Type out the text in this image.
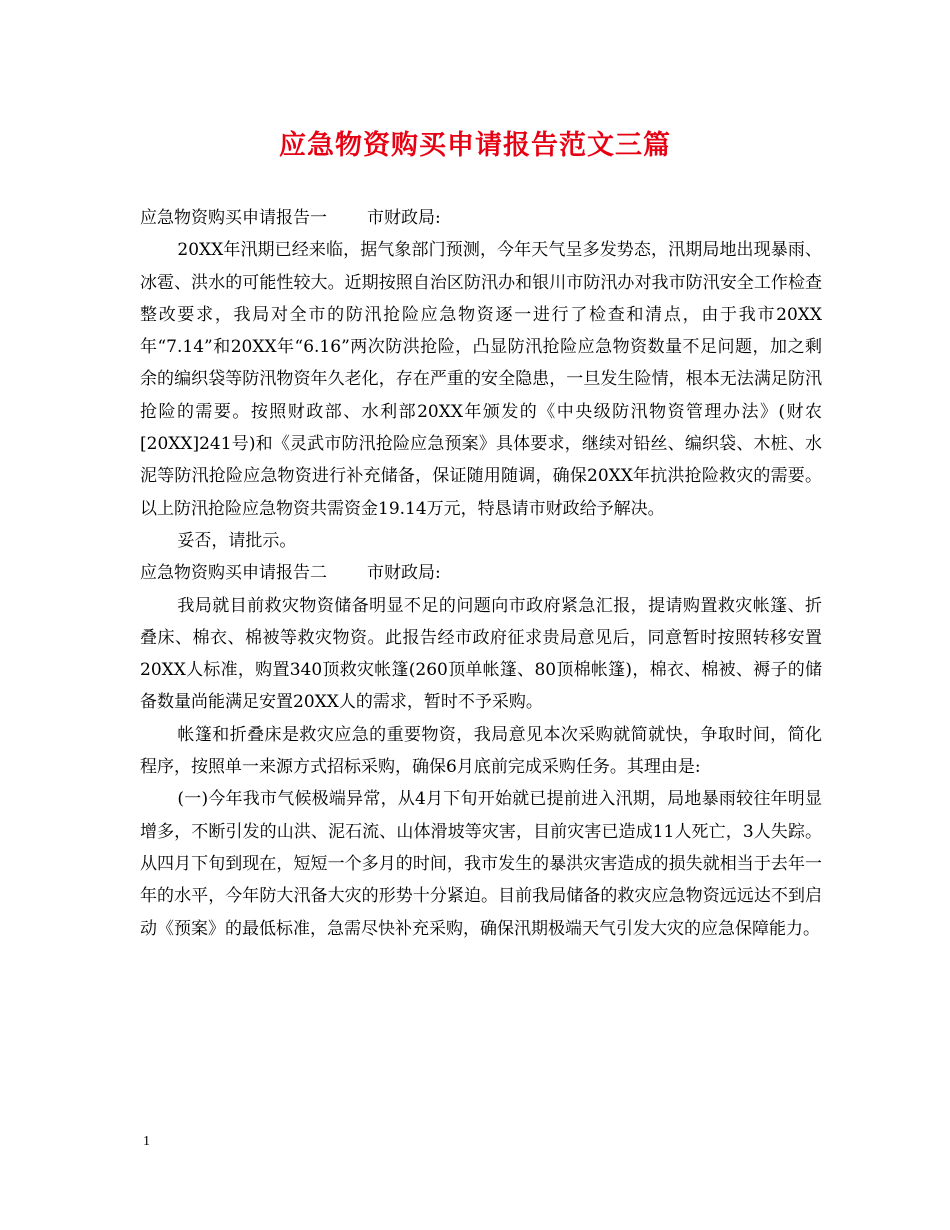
应急物资购买申请报告范文三篇

应急物资购买申请报告一 市财政局:

20XX年汛期已经来临，据气象部门预测，今年天气呈多发势态，汛期局地出现暴雨、冰雹、洪水的可能性较大。近期按照自治区防汛办和银川市防汛办对我市防汛安全工作检查整改要求，我局对全市的防汛抢险应急物资逐一进行了检查和清点，由于我市20XX年“7.14”和20XX年“6.16”两次防洪抢险，凸显防汛抢险应急物资数量不足问题，加之剩余的编织袋等防汛物资年久老化，存在严重的安全隐患，一旦发生险情，根本无法满足防汛抢险的需要。按照财政部、水利部20XX年颁发的《中央级防汛物资管理办法》(财农[20XX]241号)和《灵武市防汛抢险应急预案》具体要求，继续对铅丝、编织袋、木桩、水泥等防汛抢险应急物资进行补充储备，保证随用随调，确保20XX年抗洪抢险救灾的需要。以上防汛抢险应急物资共需资金19.14万元，特恳请市财政给予解决。

妥否，请批示。

应急物资购买申请报告二 市财政局:

我局就目前救灾物资储备明显不足的问题向市政府紧急汇报，提请购置救灾帐篷、折叠床、棉衣、棉被等救灾物资。此报告经市政府征求贵局意见后，同意暂时按照转移安置20XX人标准，购置340顶救灾帐篷(260顶单帐篷、80顶棉帐篷)，棉衣、棉被、褥子的储备数量尚能满足安置20XX人的需求，暂时不予采购。

帐篷和折叠床是救灾应急的重要物资，我局意见本次采购就简就快，争取时间，简化程序，按照单一来源方式招标采购，确保6月底前完成采购任务。其理由是:

(一)今年我市气候极端异常，从4月下旬开始就已提前进入汛期，局地暴雨较往年明显增多，不断引发的山洪、泥石流、山体滑坡等灾害，目前灾害已造成11人死亡，3人失踪。从四月下旬到现在，短短一个多月的时间，我市发生的暴洪灾害造成的损失就相当于去年一年的水平，今年防大汛备大灾的形势十分紧迫。目前我局储备的救灾应急物资远远达不到启动《预案》的最低标准，急需尽快补充采购，确保汛期极端天气引发大灾的应急保障能力。

1
